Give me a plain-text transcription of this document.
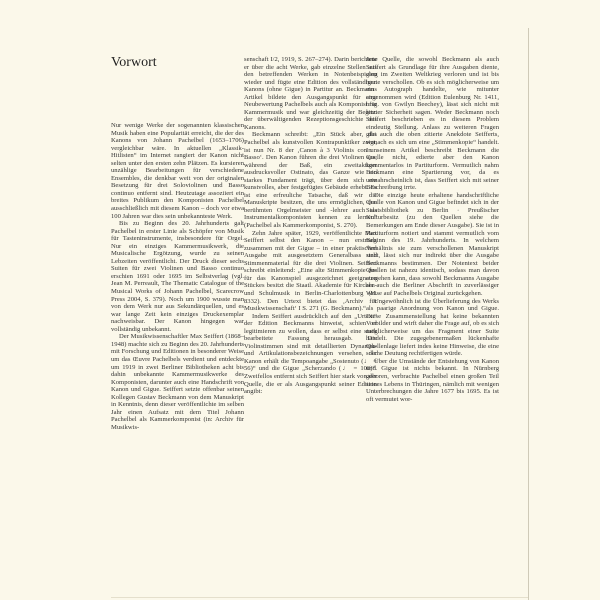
Vorwort

Nur wenige Werke der sogenannten klassischen Musik haben eine Popularität erreicht, die der des Kanons von Johann Pachelbel (1653–1706) vergleichbar wäre. In aktuellen „Klassik-Hitlisten“ im Internet rangiert der Kanon nicht selten unter den ersten zehn Plätzen. Es kursieren unzählige Bearbeitungen für verschiedene Ensembles, die denkbar weit von der originalen Besetzung für drei Soloviolinen und Basso continuo entfernt sind. Heutzutage assoziiert ein breites Publikum den Komponisten Pachelbel ausschließlich mit diesem Kanon – doch vor etwa 100 Jahren war dies sein unbekannteste Werk.

Bis zu Beginn des 20. Jahrhunderts galt Pachelbel in erster Linie als Schöpfer von Musik für Tasteninstrumente, insbesondere für Orgel. Nur ein einziges Kammermusikwerk, die Musicalische Ergötzung, wurde zu seinen Lebzeiten veröffentlicht. Der Druck dieser sechs Suiten für zwei Violinen und Basso continuo erschien 1691 oder 1695 im Selbstverlag (vgl. Jean M. Perreault, The Thematic Catalogue of the Musical Works of Johann Pachelbel, Scarecrow Press 2004, S. 379). Noch um 1900 wusste man von dem Werk nur aus Sekundärquellen, und es war lange Zeit kein einziges Druckexemplar nachweisbar. Der Kanon hingegen war vollständig unbekannt.

Der Musikwissenschaftler Max Seiffert (1868–1948) machte sich zu Beginn des 20. Jahrhunderts mit Forschung und Editionen in besonderer Weise um das Œuvre Pachelbels verdient und entdeckte um 1919 in zwei Berliner Bibliotheken acht bis dahin unbekannte Kammermusikwerke des Komponisten, darunter auch eine Handschrift von Kanon und Gigue. Seiffert setzte offenbar seinen Kollegen Gustav Beckmann von dem Manuskript in Kenntnis, denn dieser veröffentlichte im selben Jahr einen Aufsatz mit dem Titel Johann Pachelbel als Kammerkomponist (in: Archiv für Musikwis-

senschaft I/2, 1919, S. 267–274). Darin berichtete er über die acht Werke, gab einzelne Stellen aus den betreffenden Werken in Notenbeispielen wieder und fügte eine Edition des vollständigen Kanons (ohne Gigue) in Partitur an. Beckmanns Artikel bildete den Ausgangspunkt für eine Neubewertung Pachelbels auch als Komponist für Kammermusik und war gleichzeitig der Beginn der überwältigenden Rezeptionsgeschichte des Kanons.

Beckmann schreibt: „Ein Stück aber, das Pachelbel als kunstvollen Kontrapunktiker zeigt, ist nun Nr. 8 der ‚Canon à 3 Violinis con un Basso‘. Den Kanon führen die drei Violinen aus, während der Baß, ein zweitaktiger ausdrucksvoller Ostinato, das Ganze wie ein starkes Fundament trägt, über dem sich ein kunstvolles, aber festgefügtes Gebäude erhebt. Es ist eine erfreuliche Tatsache, daß wir die Manuskripte besitzen, die uns ermöglichen, den berühmten Orgelmeister und -lehrer auch als Instrumentalkomponisten kennen zu lernen“ (Pachelbel als Kammerkomponist, S. 270).

Zehn Jahre später, 1929, veröffentlichte Max Seiffert selbst den Kanon – nun erstmals zusammen mit der Gigue – in einer praktischen Ausgabe mit ausgesetztem Generalbass und Stimmenmaterial für die drei Violinen. Seiffert schreibt einleitend: „Eine alte Stimmenkopie des für das Kanonspiel ausgezeichnet geeigneten Stückes besitzt die Staatl. Akademie für Kirchen- und Schulmusik in Berlin-Charlottenburg (H. 8332). Den Urtext bietet das ‚Archiv für Musikwissenschaft‘ I S. 271 (G. Beckmann).“

Indem Seiffert ausdrücklich auf den „Urtext“ der Edition Beckmanns hinweist, schien er legitimieren zu wollen, dass er selbst eine stark bearbeitete Fassung herausgab. Die Violinstimmen sind mit detaillierten Dynamik- und Artikulationsbezeichnungen versehen, der Kanon erhält die Tempoangabe „Sostenuto (♩ = 56)“ und die Gigue „Scherzando (♩ = 100)“. Zweifellos entfernt sich Seiffert hier stark von der Quelle, die er als Ausgangspunkt seiner Edition angibt:

Jene Quelle, die sowohl Beckmann als auch Seiffert als Grundlage für ihre Ausgaben diente, ging im Zweiten Weltkrieg verloren und ist bis heute verschollen. Ob es sich möglicherweise um ein Autograph handelte, wie mitunter angenommen wird (Edition Eulenburg Nr. 1411, hrsg. von Gwilyn Beechey), lässt sich nicht mit letzter Sicherheit sagen. Weder Beckmann noch Seiffert beschrieben es in diesem Problem eindeutig Stellung. Anlass zu weiteren Fragen gibt auch die oben zitierte Anekdote Seifferts, wonach es sich um eine „Stimmenkopie“ handelt. In seinem Artikel beschreibt Beckmann die Quelle nicht, edierte aber den Kanon kommentarlos in Partiturform. Vermutlich nahm Beckmann eine Spartierung vor, da es unwahrscheinlich ist, dass Seiffert sich mit seiner Beschreibung irrte.

Die einzige heute erhaltene handschriftliche Quelle von Kanon und Gigue befindet sich in der Staatsbibliothek zu Berlin · Preußischer Kulturbesitz (zu den Quellen siehe die Bemerkungen am Ende dieser Ausgabe). Sie ist in Partiturform notiert und stammt vermutlich vom Beginn des 19. Jahrhunderts. In welchem Verhältnis sie zum verschollenen Manuskript steht, lässt sich nur indirekt über die Ausgabe Beckmanns bestimmen. Der Notentext beider Quellen ist nahezu identisch, sodass man davon ausgehen kann, dass sowohl Beckmanns Ausgabe als auch die Berliner Abschrift in zuverlässiger Weise auf Pachelbels Original zurückgehen.

Ungewöhnlich ist die Überlieferung des Werks als paarige Anordnung von Kanon und Gigue. Diese Zusammenstellung hat keine bekannten Vorbilder und wirft daher die Frage auf, ob es sich möglicherweise um das Fragment einer Suite handelt. Die zugegebenermaßen lückenhafte Quellenlage liefert indes keine Hinweise, die eine solche Deutung rechtfertigen würde.

Über die Umstände der Entstehung von Kanon und Gigue ist nichts bekannt. In Nürnberg geboren, verbrachte Pachelbel einen großen Teil seines Lebens in Thüringen, nämlich mit wenigen Unterbrechungen die Jahre 1677 bis 1695. Es ist oft vermutet wor-
